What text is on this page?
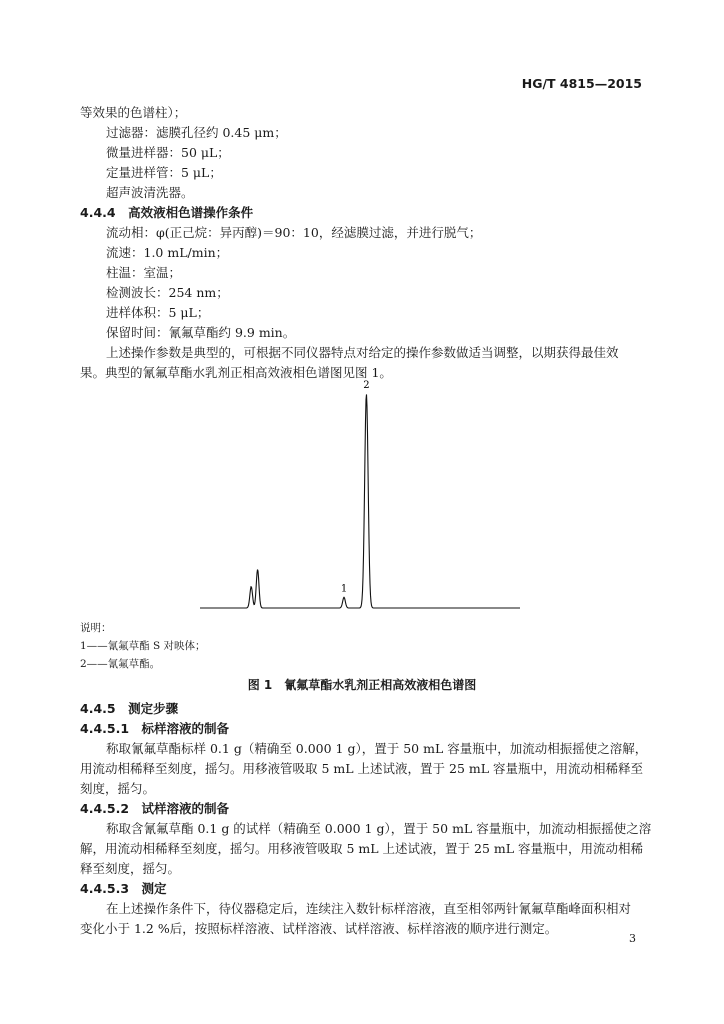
HG/T 4815—2015
等效果的色谱柱）；
过滤器：滤膜孔径约 0.45 μm；
微量进样器：50 μL；
定量进样管：5 μL；
超声波清洗器。
4.4.4　高效液相色谱操作条件
流动相：φ(正己烷：异丙醇)＝90：10，经滤膜过滤，并进行脱气；
流速：1.0 mL/min；
柱温：室温；
检测波长：254 nm；
进样体积：5 μL；
保留时间：氰氟草酯约 9.9 min。
上述操作参数是典型的，可根据不同仪器特点对给定的操作参数做适当调整，以期获得最佳效
果。典型的氰氟草酯水乳剂正相高效液相色谱图见图 1。
1
2
说明：
1——氰氟草酯 S 对映体；
2——氰氟草酯。
图 1　氰氟草酯水乳剂正相高效液相色谱图
4.4.5　测定步骤
4.4.5.1　标样溶液的制备
称取氰氟草酯标样 0.1 g（精确至 0.000 1 g），置于 50 mL 容量瓶中，加流动相振摇使之溶解，
用流动相稀释至刻度，摇匀。用移液管吸取 5 mL 上述试液，置于 25 mL 容量瓶中，用流动相稀释至
刻度，摇匀。
4.4.5.2　试样溶液的制备
称取含氰氟草酯 0.1 g 的试样（精确至 0.000 1 g），置于 50 mL 容量瓶中，加流动相振摇使之溶
解，用流动相稀释至刻度，摇匀。用移液管吸取 5 mL 上述试液，置于 25 mL 容量瓶中，用流动相稀
释至刻度，摇匀。
4.4.5.3　测定
在上述操作条件下，待仪器稳定后，连续注入数针标样溶液，直至相邻两针氰氟草酯峰面积相对
变化小于 1.2 %后，按照标样溶液、试样溶液、试样溶液、标样溶液的顺序进行测定。
3
